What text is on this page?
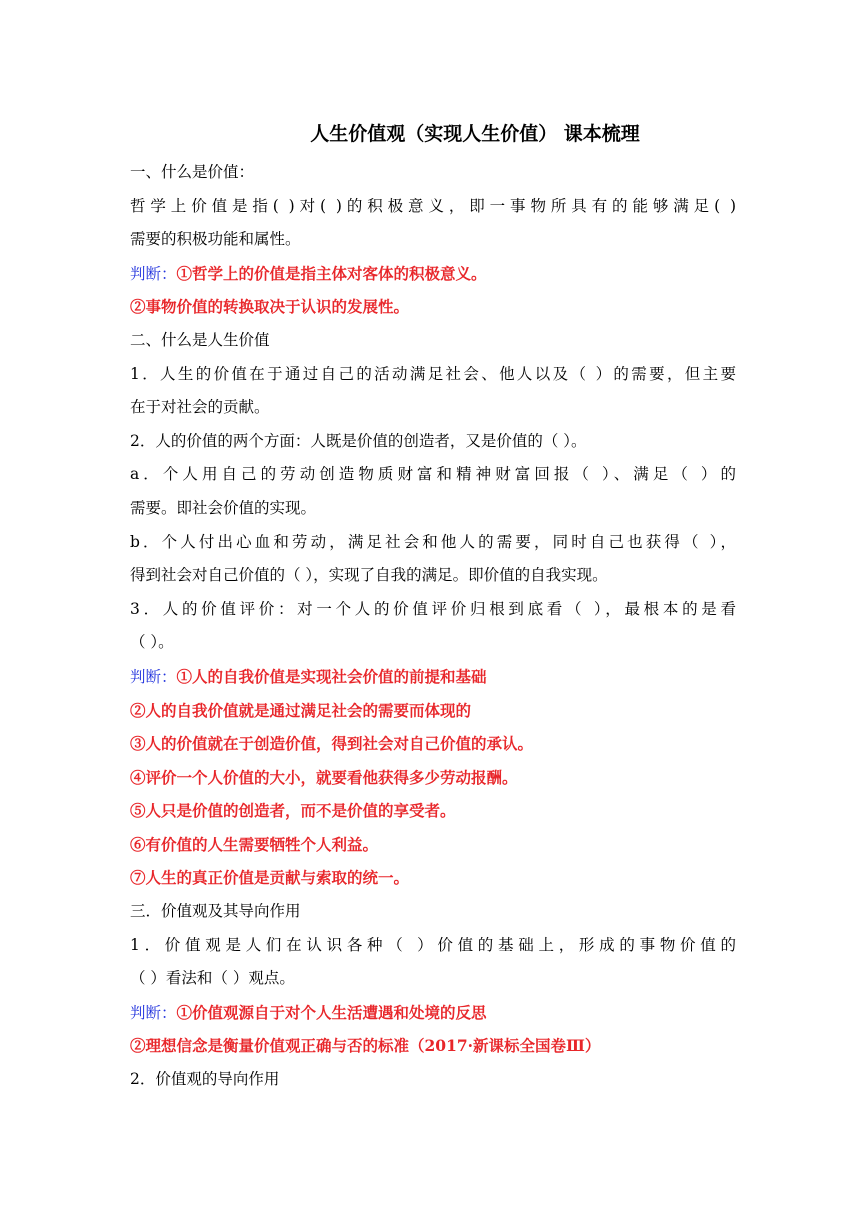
人生价值观（实现人生价值） 课本梳理
一、什么是价值：
哲学上价值是指( )对( )的积极意义，即一事物所具有的能够满足( )
需要的积极功能和属性。
判断：①哲学上的价值是指主体对客体的积极意义。
②事物价值的转换取决于认识的发展性。
二、什么是人生价值
1．人生的价值在于通过自己的活动满足社会、他人以及（ ）的需要，但主要
在于对社会的贡献。
2．人的价值的两个方面：人既是价值的创造者，又是价值的（ ）。
a．个人用自己的劳动创造物质财富和精神财富回报（ ）、满足（ ）的
需要。即社会价值的实现。
b．个人付出心血和劳动，满足社会和他人的需要，同时自己也获得（ ），
得到社会对自己价值的（ ），实现了自我的满足。即价值的自我实现。
3．人的价值评价：对一个人的价值评价归根到底看（ ），最根本的是看
（ ）。
判断：①人的自我价值是实现社会价值的前提和基础
②人的自我价值就是通过满足社会的需要而体现的
③人的价值就在于创造价值，得到社会对自己价值的承认。
④评价一个人价值的大小，就要看他获得多少劳动报酬。
⑤人只是价值的创造者，而不是价值的享受者。
⑥有价值的人生需要牺牲个人利益。
⑦人生的真正价值是贡献与索取的统一。
三．价值观及其导向作用
1．价值观是人们在认识各种（ ）价值的基础上，形成的事物价值的
（ ）看法和（ ）观点。
判断：①价值观源自于对个人生活遭遇和处境的反思
②理想信念是衡量价值观正确与否的标准（2017·新课标全国卷Ⅲ）
2．价值观的导向作用
